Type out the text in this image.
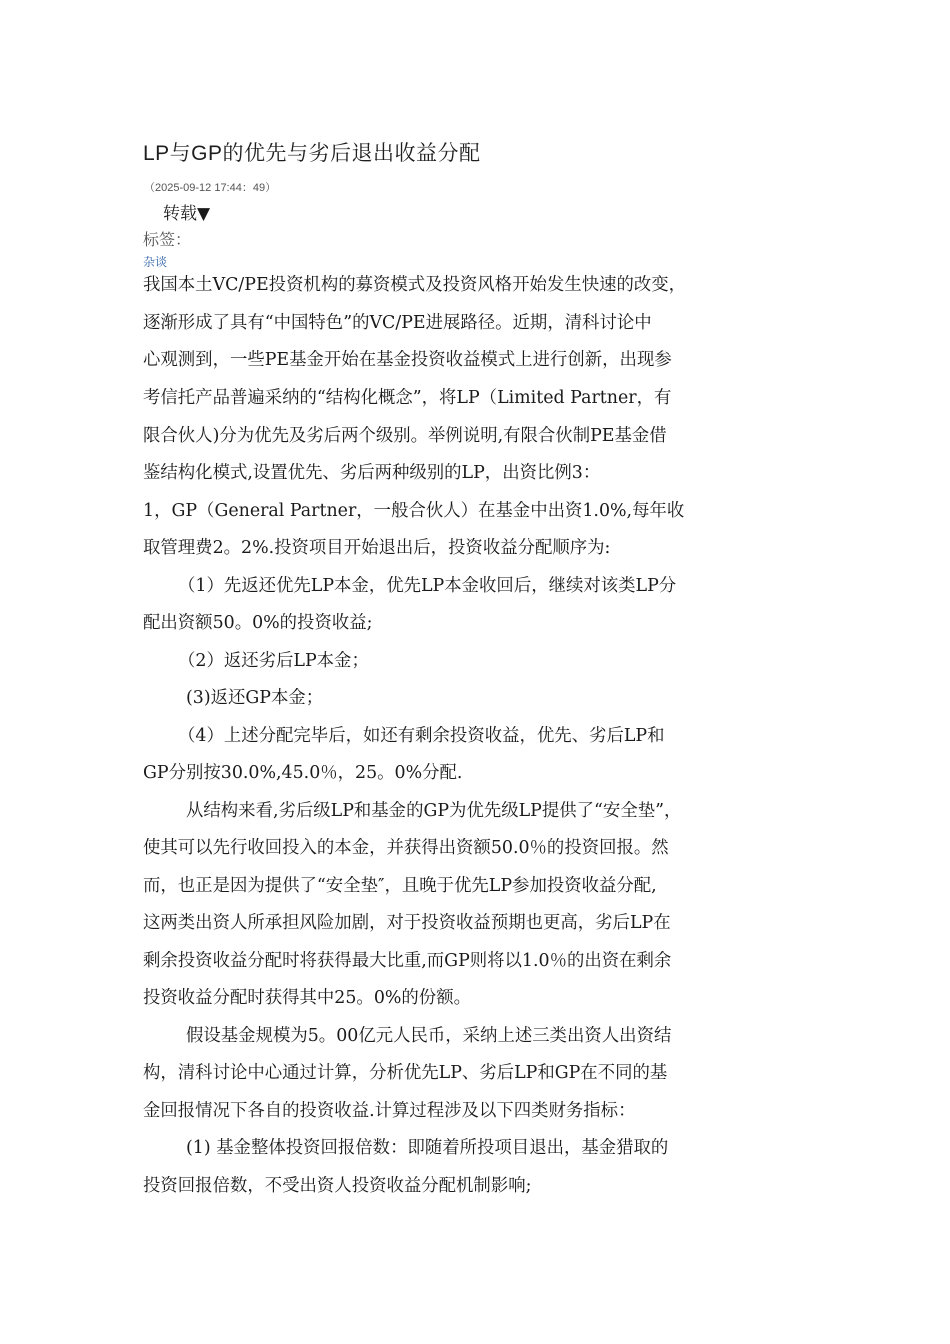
LP与GP的优先与劣后退出收益分配
（2025-09-12 17:44：49）
转载▼
标签：
杂谈
我国本土VC/PE投资机构的募资模式及投资风格开始发生快速的改变，
逐渐形成了具有“中国特色”的VC/PE进展路径。近期，清科讨论中
心观测到，一些PE基金开始在基金投资收益模式上进行创新，出现参
考信托产品普遍采纳的“结构化概念”，将LP（Limited Partner，有
限合伙人)分为优先及劣后两个级别。举例说明,有限合伙制PE基金借
鉴结构化模式,设置优先、劣后两种级别的LP，出资比例3：
1，GP（General Partner，一般合伙人）在基金中出资1.0%,每年收
取管理费2。2%.投资项目开始退出后，投资收益分配顺序为:
（1）先返还优先LP本金，优先LP本金收回后，继续对该类LP分
配出资额50。0%的投资收益;
（2）返还劣后LP本金；
(3)返还GP本金；
（4）上述分配完毕后，如还有剩余投资收益，优先、劣后LP和
GP分别按30.0%,45.0％，25。0%分配.
从结构来看,劣后级LP和基金的GP为优先级LP提供了“安全垫”，
使其可以先行收回投入的本金，并获得出资额50.0％的投资回报。然
而，也正是因为提供了“安全垫″，且晚于优先LP参加投资收益分配,
这两类出资人所承担风险加剧，对于投资收益预期也更高，劣后LP在
剩余投资收益分配时将获得最大比重,而GP则将以1.0％的出资在剩余
投资收益分配时获得其中25。0%的份额。
假设基金规模为5。00亿元人民币，采纳上述三类出资人出资结
构，清科讨论中心通过计算，分析优先LP、劣后LP和GP在不同的基
金回报情况下各自的投资收益.计算过程涉及以下四类财务指标：
(1) 基金整体投资回报倍数：即随着所投项目退出，基金猎取的
投资回报倍数，不受出资人投资收益分配机制影响;
